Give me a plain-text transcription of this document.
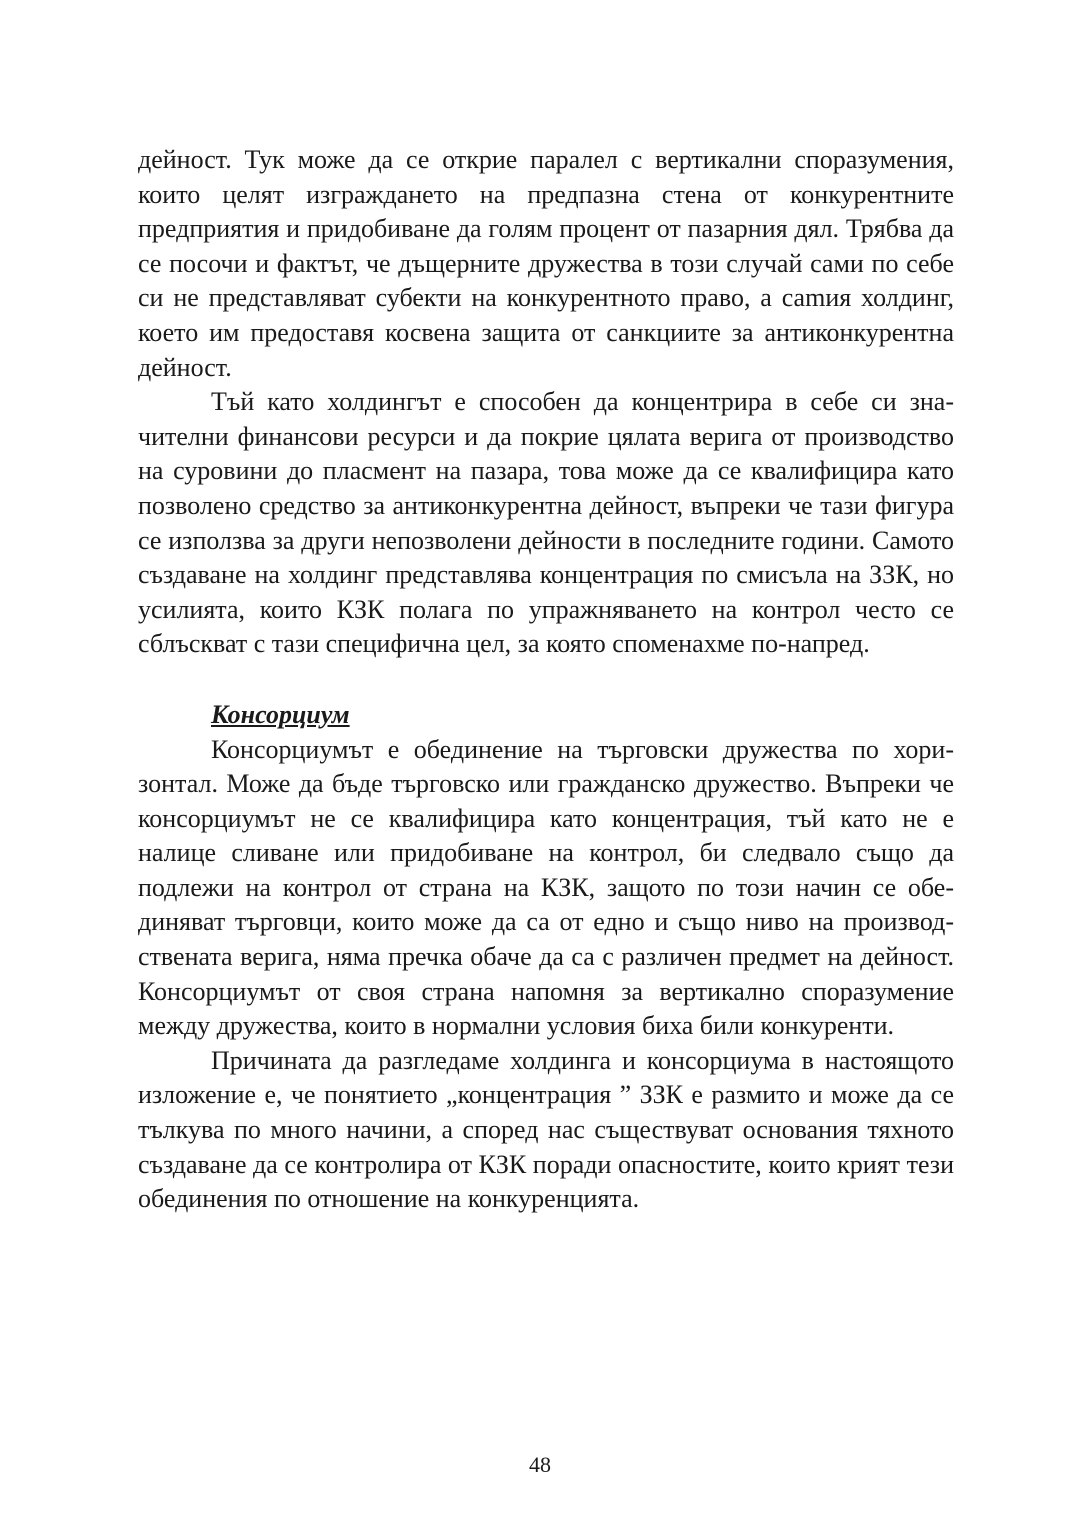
дейност. Тук може да се открие паралел с вертикални споразумения, които целят изграждането на предпазна стена от конкурентните предприятия и придобиване да голям процент от пазарния дял. Трябва да се посочи и фактът, че дъщерните дружества в този случай сами по себе си не представляват субекти на конкурентното право, а саmия холдинг, което им предоставя косвена защита от санкциите за антиконкурентна дейност.

Тъй като холдингът е способен да концентрира в себе си значителни финансови ресурси и да покрие цялата верига от производство на суровини до пласмент на пазара, това може да се квалифицира като позволено средство за антиконкурентна дейност, въпреки че тази фигура се използва за други непозволени дейности в последните години. Самото създаване на холдинг представлява концентрация по смисъла на ЗЗК, но усилията, които КЗК полага по упражняването на контрол често се сблъскват с тази специфична цел, за която споменахме по-напред.

Консорциум

Консорциумът е обединение на търговски дружества по хоризонтал. Може да бъде търговско или гражданско дружество. Въпреки че консорциумът не се квалифицира като концентрация, тъй като не е налице сливане или придобиване на контрол, би следвало също да подлежи на контрол от страна на КЗК, защото по този начин се обединяват търговци, които може да са от едно и също ниво на производствената верига, няма пречка обаче да са с различен предмет на дейност. Консорциумът от своя страна напомня за вертикално споразумение между дружества, които в нормални условия биха били конкуренти.

Причината да разгледаме холдинга и консорциума в настоящото изложение е, че понятието „концентрация ” ЗЗК е размито и може да се тълкува по много начини, а според нас съществуват основания тяхното създаване да се контролира от КЗК поради опасностите, които крият тези обединения по отношение на конкуренцията.

48
